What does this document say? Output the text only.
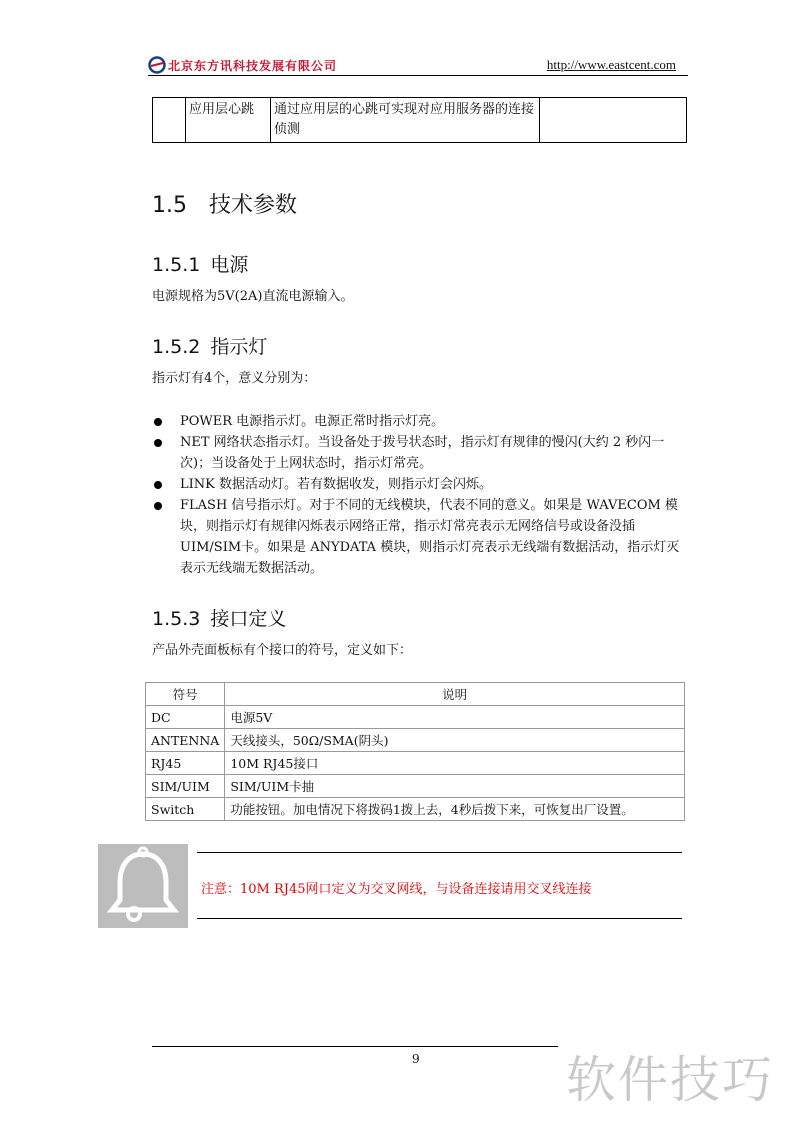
北京东方讯科技发展有限公司	http://www.eastcent.com
	应用层心跳	通过应用层的心跳可实现对应用服务器的连接侦测	
1.5 技术参数
1.5.1 电源
电源规格为5V(2A)直流电源输入。
1.5.2 指示灯
指示灯有4个，意义分别为：
POWER 电源指示灯。电源正常时指示灯亮。
NET 网络状态指示灯。当设备处于拨号状态时，指示灯有规律的慢闪(大约 2 秒闪一次)；当设备处于上网状态时，指示灯常亮。
LINK 数据活动灯。若有数据收发，则指示灯会闪烁。
FLASH 信号指示灯。对于不同的无线模块，代表不同的意义。如果是 WAVECOM 模块，则指示灯有规律闪烁表示网络正常，指示灯常亮表示无网络信号或设备没插UIM/SIM卡。如果是 ANYDATA 模块，则指示灯亮表示无线端有数据活动，指示灯灭表示无线端无数据活动。
1.5.3 接口定义
产品外壳面板标有个接口的符号，定义如下：
符号	说明
DC	电源5V
ANTENNA	天线接头，50Ω/SMA(阴头)
RJ45	10M RJ45接口
SIM/UIM	SIM/UIM卡抽
Switch	功能按钮。加电情况下将拨码1拨上去，4秒后拨下来，可恢复出厂设置。
注意：10M RJ45网口定义为交叉网线，与设备连接请用交叉线连接
9	软件技巧
